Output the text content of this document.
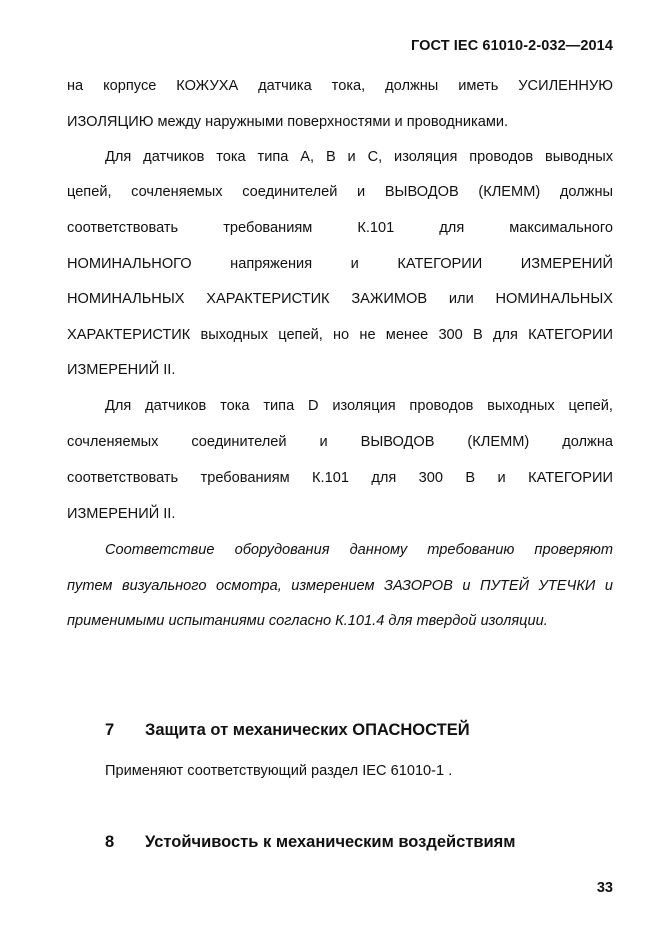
ГОСТ IEC 61010-2-032—2014
на корпусе КОЖУХА датчика тока, должны иметь УСИЛЕННУЮ
ИЗОЛЯЦИЮ между наружными поверхностями и проводниками.
Для датчиков тока типа А, В и С, изоляция проводов выводных
цепей, сочленяемых соединителей и ВЫВОДОВ (КЛЕММ) должны
соответствовать требованиям К.101 для максимального
НОМИНАЛЬНОГО напряжения и КАТЕГОРИИ ИЗМЕРЕНИЙ
НОМИНАЛЬНЫХ ХАРАКТЕРИСТИК ЗАЖИМОВ или НОМИНАЛЬНЫХ
ХАРАКТЕРИСТИК выходных цепей, но не менее 300 В для КАТЕГОРИИ
ИЗМЕРЕНИЙ II.
Для датчиков тока типа D изоляция проводов выходных цепей,
сочленяемых соединителей и ВЫВОДОВ (КЛЕММ) должна
соответствовать требованиям К.101 для 300 В и КАТЕГОРИИ
ИЗМЕРЕНИЙ II.
Соответствие оборудования данному требованию проверяют
путем визуального осмотра, измерением ЗАЗОРОВ и ПУТЕЙ УТЕЧКИ и
применимыми испытаниями согласно К.101.4 для твердой изоляции.
7 Защита от механических ОПАСНОСТЕЙ
Применяют соответствующий раздел IEC 61010-1 .
8 Устойчивость к механическим воздействиям
33
